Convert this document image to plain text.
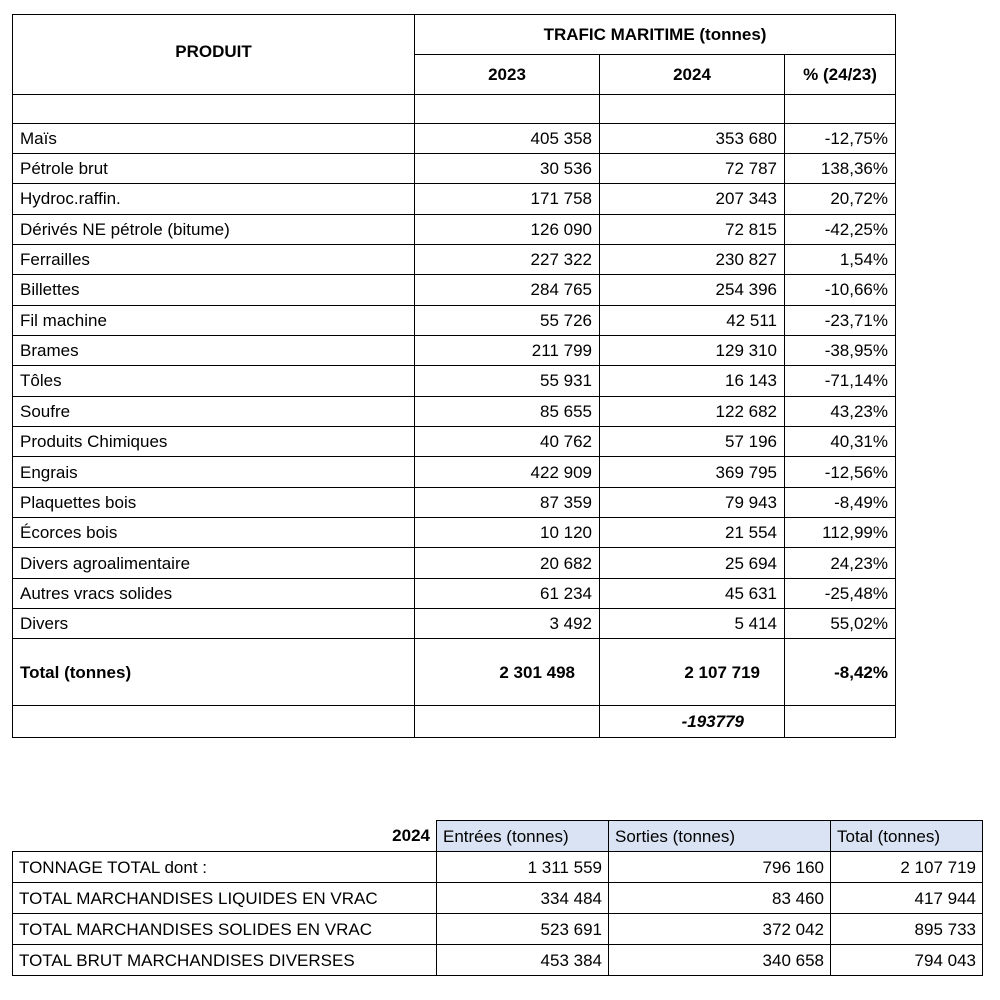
PRODUIT	TRAFIC MARITIME (tonnes)		
	2023	2024	% (24/23)

Maïs	405 358	353 680	-12,75%
Pétrole brut	30 536	72 787	138,36%
Hydroc.raffin.	171 758	207 343	20,72%
Dérivés NE pétrole (bitume)	126 090	72 815	-42,25%
Ferrailles	227 322	230 827	1,54%
Billettes	284 765	254 396	-10,66%
Fil machine	55 726	42 511	-23,71%
Brames	211 799	129 310	-38,95%
Tôles	55 931	16 143	-71,14%
Soufre	85 655	122 682	43,23%
Produits Chimiques	40 762	57 196	40,31%
Engrais	422 909	369 795	-12,56%
Plaquettes bois	87 359	79 943	-8,49%
Écorces bois	10 120	21 554	112,99%
Divers agroalimentaire	20 682	25 694	24,23%
Autres vracs solides	61 234	45 631	-25,48%
Divers	3 492	5 414	55,02%
Total (tonnes)	2 301 498	2 107 719	-8,42%
		-193779	
2024	Entrées (tonnes)	Sorties (tonnes)	Total (tonnes)
TONNAGE TOTAL dont :	1 311 559	796 160	2 107 719
TOTAL MARCHANDISES LIQUIDES EN VRAC	334 484	83 460	417 944
TOTAL MARCHANDISES SOLIDES EN VRAC	523 691	372 042	895 733
TOTAL BRUT MARCHANDISES DIVERSES	453 384	340 658	794 043
